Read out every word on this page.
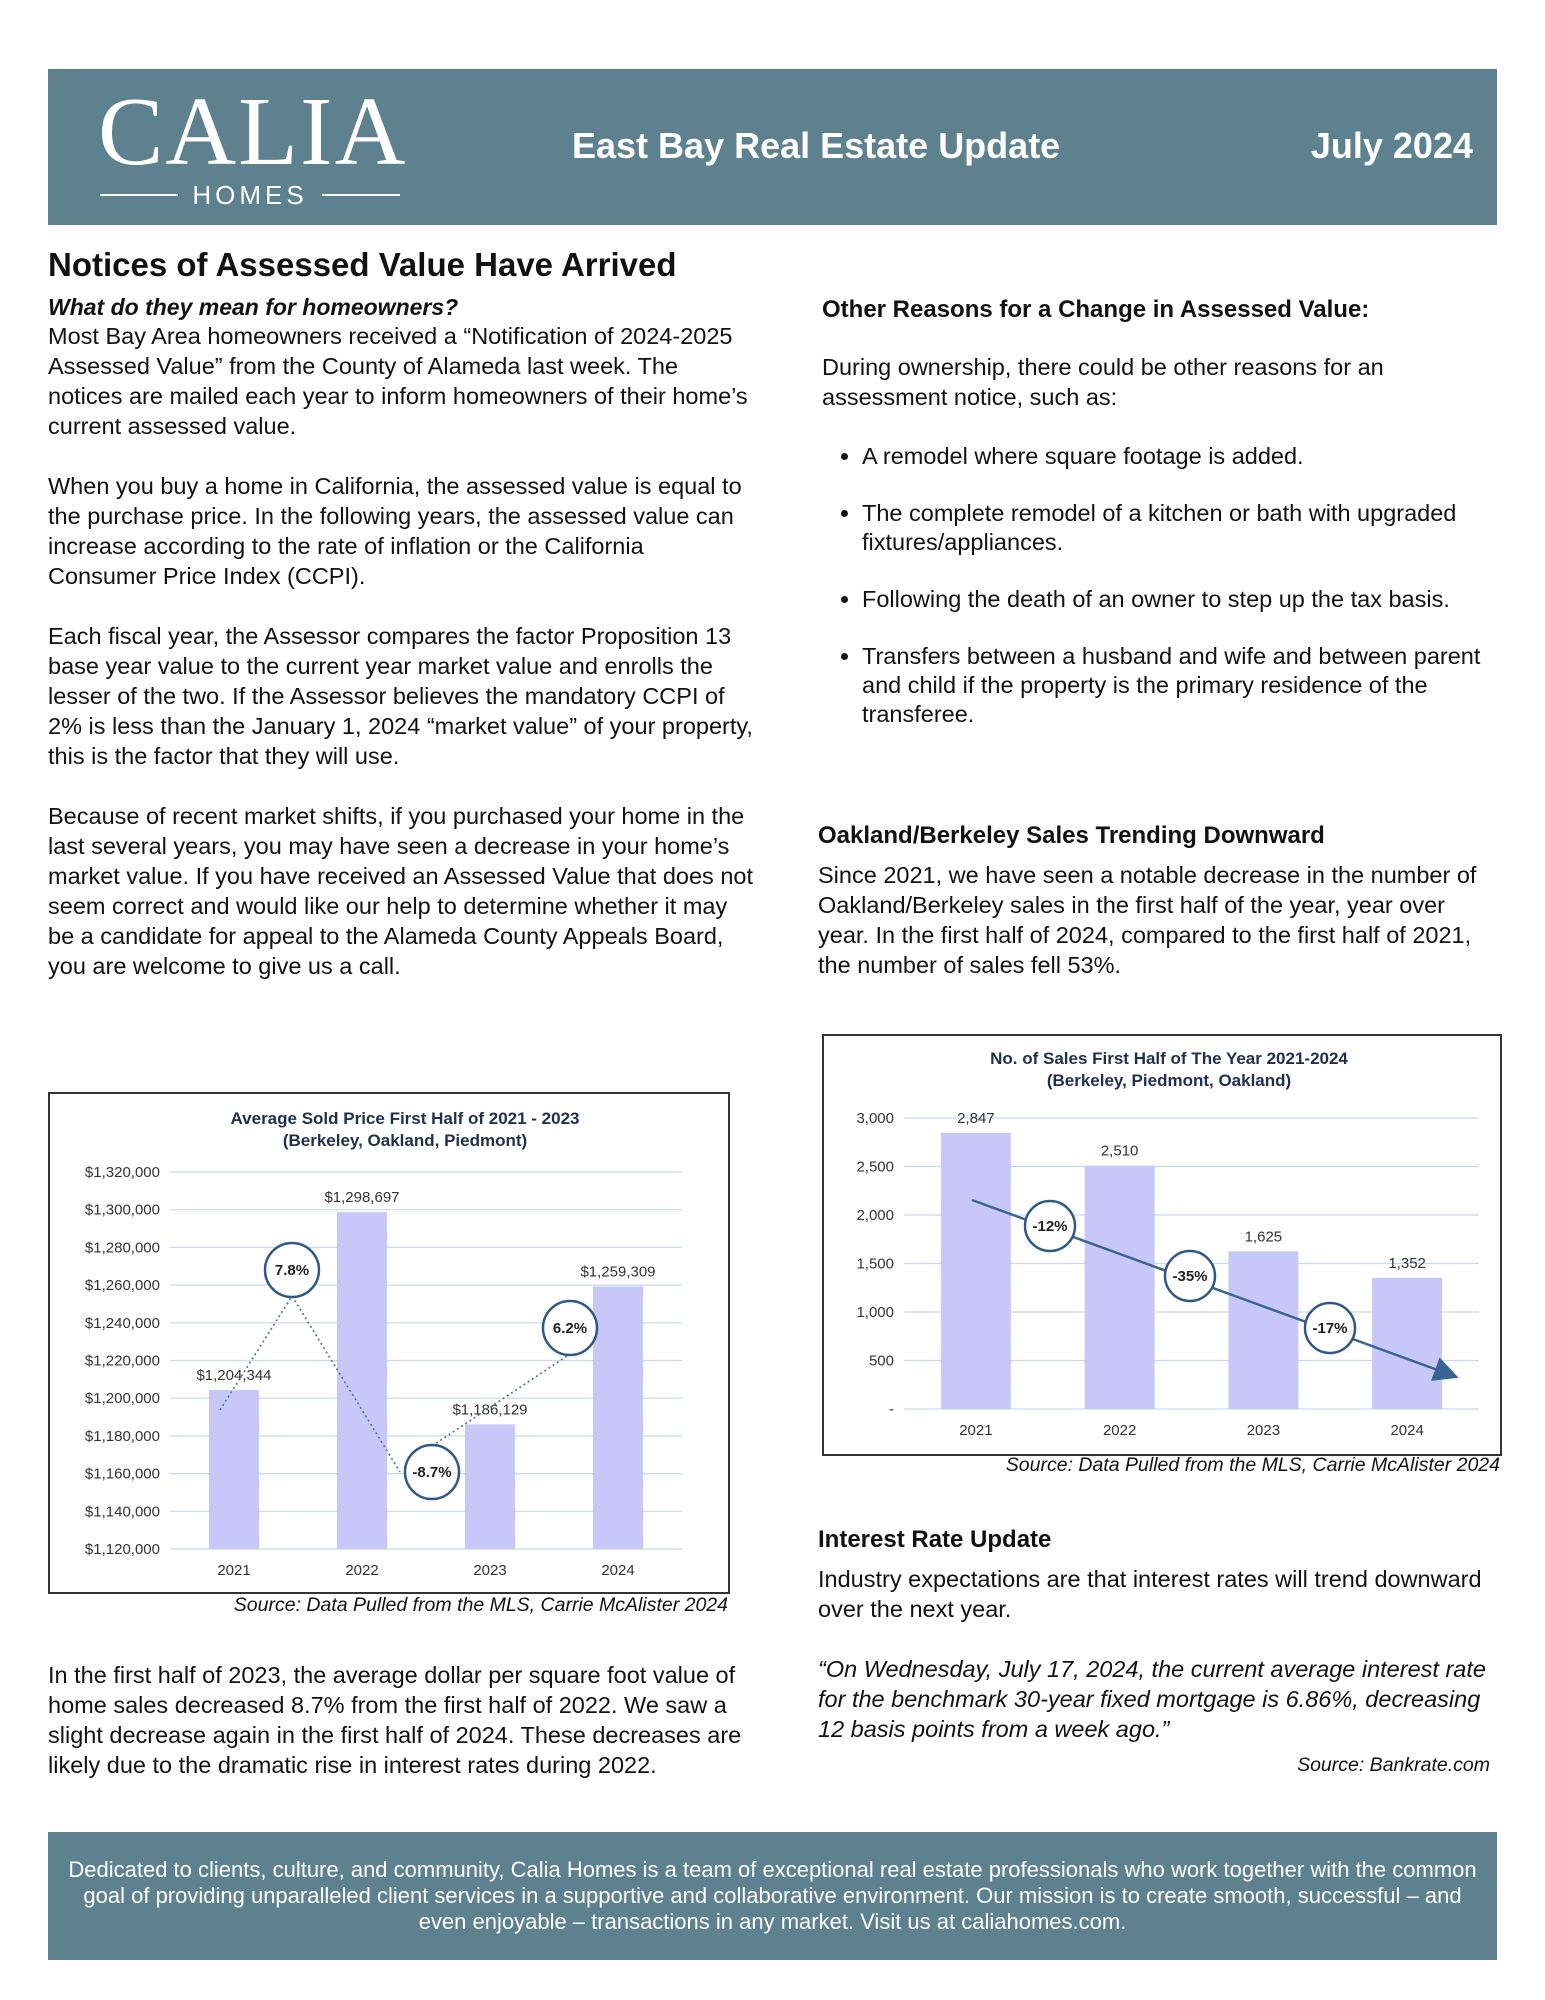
CALIA
HOMES
East Bay Real Estate Update	July 2024
Notices of Assessed Value Have Arrived

What do they mean for homeowners?

Most Bay Area homeowners received a “Notification of 2024-2025 Assessed Value” from the County of Alameda last week. The notices are mailed each year to inform homeowners of their home’s current assessed value.

When you buy a home in California, the assessed value is equal to the purchase price. In the following years, the assessed value can increase according to the rate of inflation or the California Consumer Price Index (CCPI).

Each fiscal year, the Assessor compares the factor Proposition 13 base year value to the current year market value and enrolls the lesser of the two. If the Assessor believes the mandatory CCPI of 2% is less than the January 1, 2024 “market value” of your property, this is the factor that they will use.

Because of recent market shifts, if you purchased your home in the last several years, you may have seen a decrease in your home’s market value. If you have received an Assessed Value that does not seem correct and would like our help to determine whether it may be a candidate for appeal to the Alameda County Appeals Board, you are welcome to give us a call.

Average Sold Price First Half of 2021 - 2023
(Berkeley, Oakland, Piedmont)
$1,120,000
$1,140,000
$1,160,000
$1,180,000
$1,200,000
$1,220,000
$1,240,000
$1,260,000
$1,280,000
$1,300,000
$1,320,000
$1,204,344
2021
$1,298,697
2022
$1,186,129
2023
$1,259,309
2024
7.8%
-8.7%
6.2%
Source: Data Pulled from the MLS, Carrie McAlister 2024

In the first half of 2023, the average dollar per square foot value of home sales decreased 8.7% from the first half of 2022. We saw a slight decrease again in the first half of 2024. These decreases are likely due to the dramatic rise in interest rates during 2022.

Other Reasons for a Change in Assessed Value:

During ownership, there could be other reasons for an assessment notice, such as:

• A remodel where square footage is added.
• The complete remodel of a kitchen or bath with upgraded fixtures/appliances.
• Following the death of an owner to step up the tax basis.
• Transfers between a husband and wife and between parent and child if the property is the primary residence of the transferee.

Oakland/Berkeley Sales Trending Downward

Since 2021, we have seen a notable decrease in the number of Oakland/Berkeley sales in the first half of the year, year over year. In the first half of 2024, compared to the first half of 2021, the number of sales fell 53%.

No. of Sales First Half of The Year 2021-2024
(Berkeley, Piedmont, Oakland)
-
500
1,000
1,500
2,000
2,500
3,000	2,847
2021
2,510
2022
1,625
2023
1,352
2024
-12%
-35%
-17%
Source: Data Pulled from the MLS, Carrie McAlister 2024

Interest Rate Update

Industry expectations are that interest rates will trend downward over the next year.

“On Wednesday, July 17, 2024, the current average interest rate for the benchmark 30-year fixed mortgage is 6.86%, decreasing 12 basis points from a week ago.”

Source: Bankrate.com

Dedicated to clients, culture, and community, Calia Homes is a team of exceptional real estate professionals who work together with the common goal of providing unparalleled client services in a supportive and collaborative environment. Our mission is to create smooth, successful – and even enjoyable – transactions in any market. Visit us at caliahomes.com.
